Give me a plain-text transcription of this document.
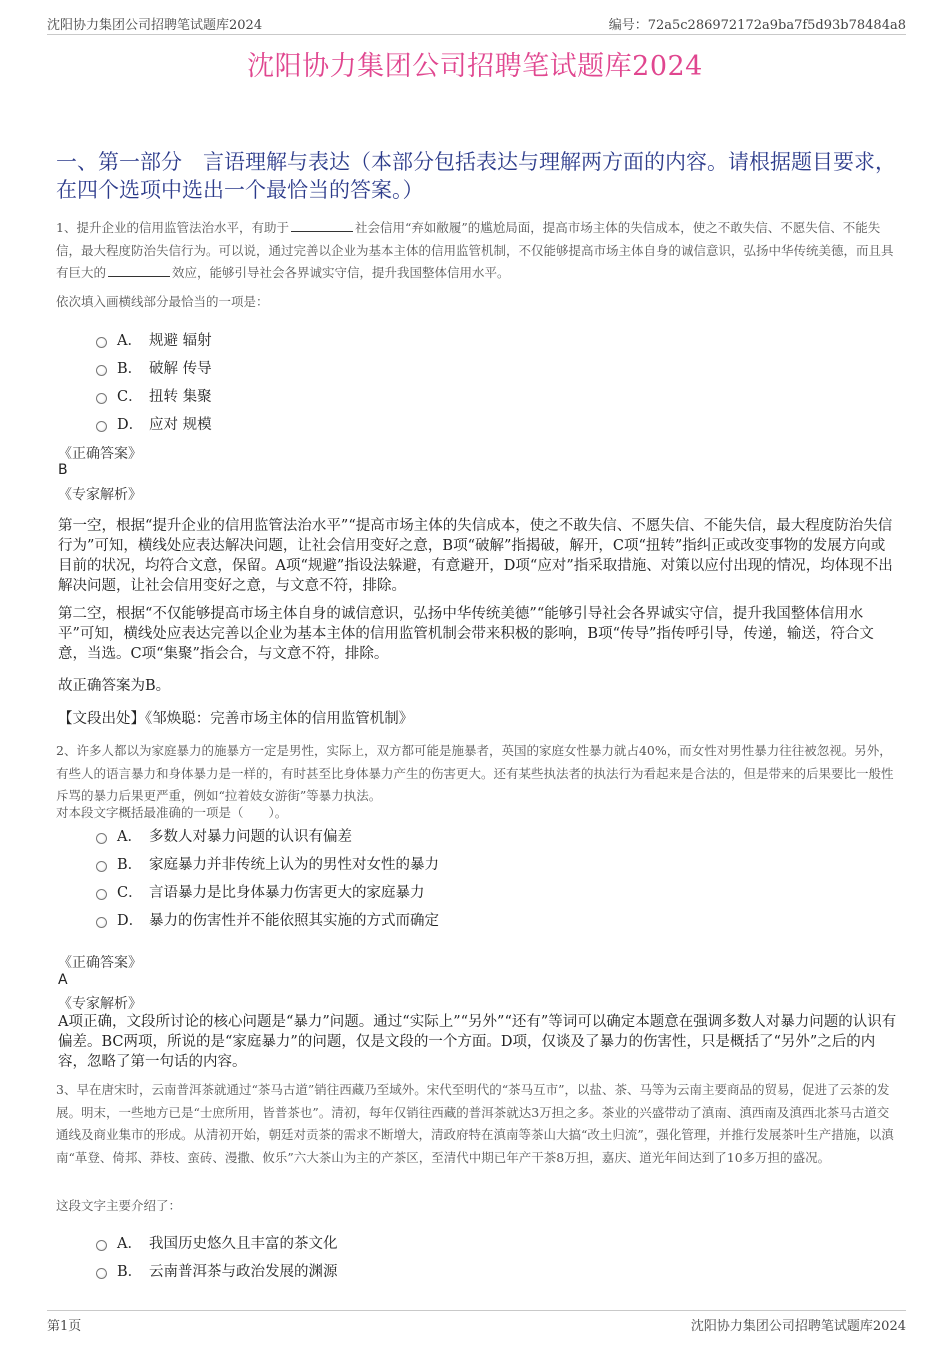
沈阳协力集团公司招聘笔试题库2024	编号：72a5c286972172a9ba7f5d93b78484a8
沈阳协力集团公司招聘笔试题库2024
一、第一部分　言语理解与表达（本部分包括表达与理解两方面的内容。请根据题目要求，在四个选项中选出一个最恰当的答案。）
1、提升企业的信用监管法治水平，有助于	社会信用“弃如敝履”的尴尬局面，提高市场主体的失信成本，使之不敢失信、不愿失信、不能失信，最大程度防治失信行为。可以说，通过完善以企业为基本主体的信用监管机制，不仅能够提高市场主体自身的诚信意识，弘扬中华传统美德，而且具有巨大的	效应，能够引导社会各界诚实守信，提升我国整体信用水平。
依次填入画横线部分最恰当的一项是：
A． 规避 辐射
B． 破解 传导
C． 扭转 集聚
D． 应对 规模
《正确答案》
B
《专家解析》
第一空，根据“提升企业的信用监管法治水平”“提高市场主体的失信成本，使之不敢失信、不愿失信、不能失信，最大程度防治失信行为”可知，横线处应表达解决问题，让社会信用变好之意，B项“破解”指揭破，解开，C项“扭转”指纠正或改变事物的发展方向或目前的状况，均符合文意，保留。A项“规避”指设法躲避，有意避开，D项“应对”指采取措施、对策以应付出现的情况，均体现不出解决问题，让社会信用变好之意，与文意不符，排除。
第二空，根据“不仅能够提高市场主体自身的诚信意识，弘扬中华传统美德”“能够引导社会各界诚实守信，提升我国整体信用水平”可知，横线处应表达完善以企业为基本主体的信用监管机制会带来积极的影响，B项“传导”指传呼引导，传递，输送，符合文意，当选。C项“集聚”指会合，与文意不符，排除。
故正确答案为B。
【文段出处】《邹焕聪：完善市场主体的信用监管机制》
2、许多人都以为家庭暴力的施暴方一定是男性，实际上，双方都可能是施暴者，英国的家庭女性暴力就占40%，而女性对男性暴力往往被忽视。另外，有些人的语言暴力和身体暴力是一样的，有时甚至比身体暴力产生的伤害更大。还有某些执法者的执法行为看起来是合法的，但是带来的后果要比一般性斥骂的暴力后果更严重，例如“拉着妓女游街”等暴力执法。
对本段文字概括最准确的一项是（　　）。
A． 多数人对暴力问题的认识有偏差
B． 家庭暴力并非传统上认为的男性对女性的暴力
C． 言语暴力是比身体暴力伤害更大的家庭暴力
D． 暴力的伤害性并不能依照其实施的方式而确定
《正确答案》
A
《专家解析》
A项正确，文段所讨论的核心问题是“暴力”问题。通过“实际上”“另外”“还有”等词可以确定本题意在强调多数人对暴力问题的认识有偏差。BC两项，所说的是“家庭暴力”的问题，仅是文段的一个方面。D项，仅谈及了暴力的伤害性，只是概括了“另外”之后的内容，忽略了第一句话的内容。
3、早在唐宋时，云南普洱茶就通过“茶马古道”销往西藏乃至域外。宋代至明代的“茶马互市”，以盐、茶、马等为云南主要商品的贸易，促进了云茶的发展。明末，一些地方已是“士庶所用，皆普茶也”。清初，每年仅销往西藏的普洱茶就达3万担之多。茶业的兴盛带动了滇南、滇西南及滇西北茶马古道交通线及商业集市的形成。从清初开始，朝廷对贡茶的需求不断增大，清政府特在滇南等茶山大搞“改土归流”，强化管理，并推行发展茶叶生产措施，以滇南“革登、倚邦、莽枝、蛮砖、漫撒、攸乐”六大茶山为主的产茶区，至清代中期已年产干茶8万担，嘉庆、道光年间达到了10多万担的盛况。
这段文字主要介绍了：
A． 我国历史悠久且丰富的茶文化
B． 云南普洱茶与政治发展的渊源
第1页	沈阳协力集团公司招聘笔试题库2024
